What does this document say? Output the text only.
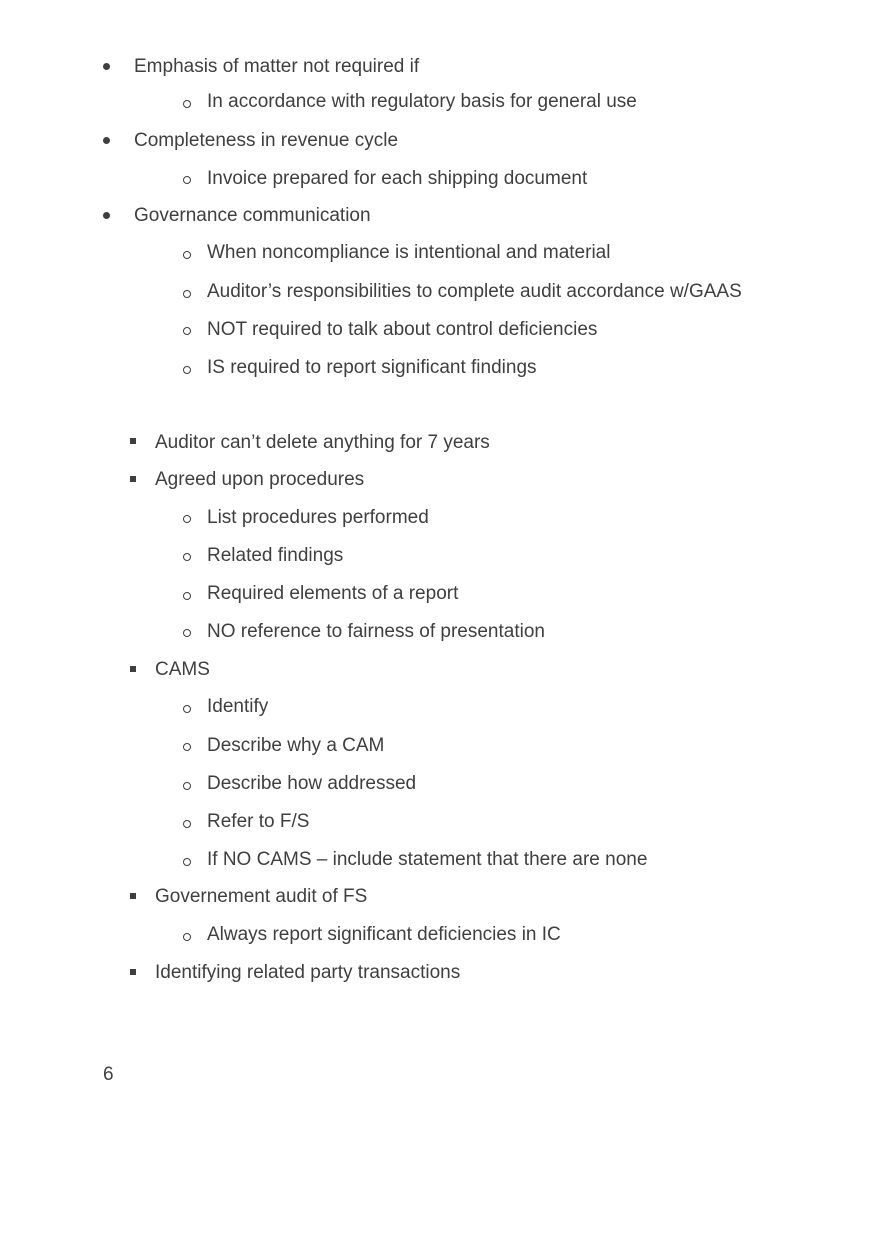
Emphasis of matter not required if
In accordance with regulatory basis for general use
Completeness in revenue cycle
Invoice prepared for each shipping document
Governance communication
When noncompliance is intentional and material
Auditor’s responsibilities to complete audit accordance w/GAAS
NOT required to talk about control deficiencies
IS required to report significant findings
Auditor can’t delete anything for 7 years
Agreed upon procedures
List procedures performed
Related findings
Required elements of a report
NO reference to fairness of presentation
CAMS
Identify
Describe why a CAM
Describe how addressed
Refer to F/S
If NO CAMS – include statement that there are none
Governement audit of FS
Always report significant deficiencies in IC
Identifying related party transactions
6
